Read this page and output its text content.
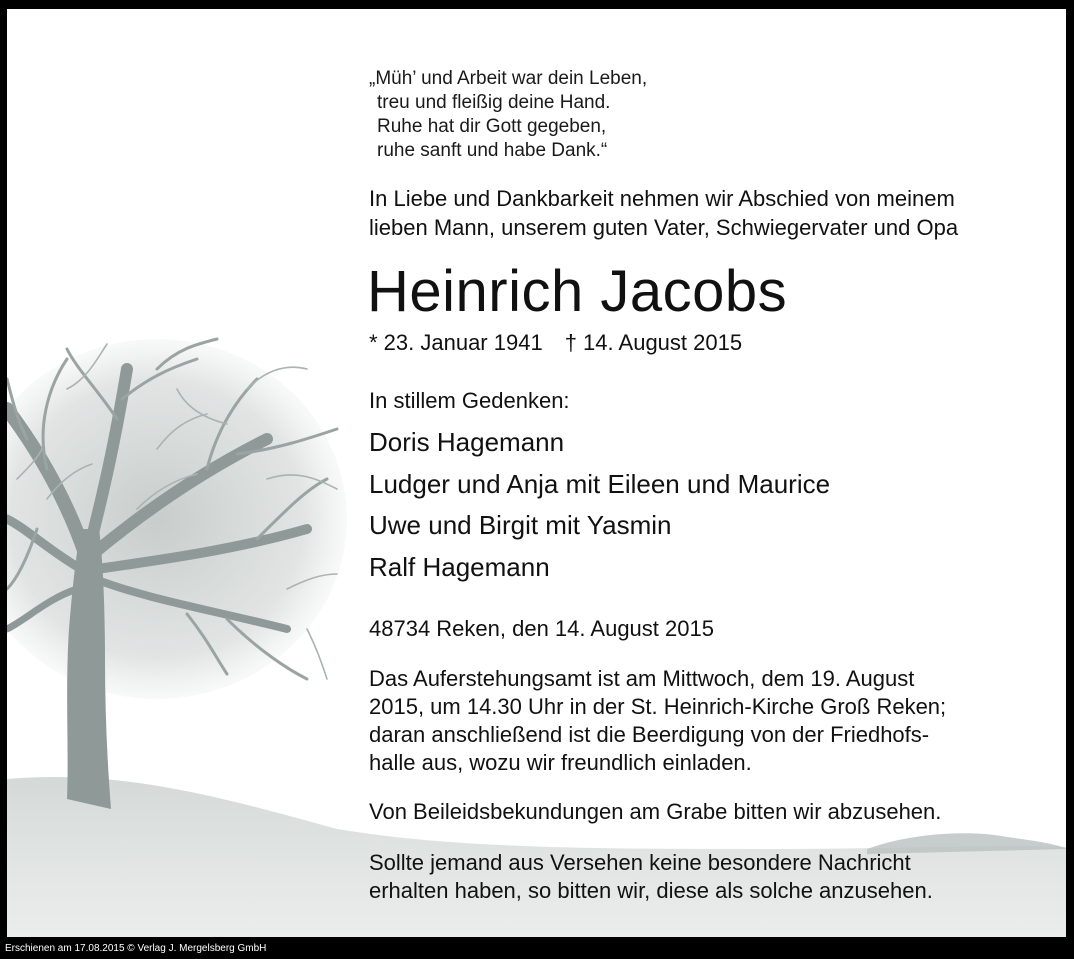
„Müh’ und Arbeit war dein Leben,
treu und fleißig deine Hand.
Ruhe hat dir Gott gegeben,
ruhe sanft und habe Dank.“
In Liebe und Dankbarkeit nehmen wir Abschied von meinem
lieben Mann, unserem guten Vater, Schwiegervater und Opa
Heinrich Jacobs
* 23. Januar 1941 † 14. August 2015
In stillem Gedenken:
Doris Hagemann
Ludger und Anja mit Eileen und Maurice
Uwe und Birgit mit Yasmin
Ralf Hagemann
48734 Reken, den 14. August 2015
Das Auferstehungsamt ist am Mittwoch, dem 19. August
2015, um 14.30 Uhr in der St. Heinrich-Kirche Groß Reken;
daran anschließend ist die Beerdigung von der Friedhofs-
halle aus, wozu wir freundlich einladen.
Von Beileidsbekundungen am Grabe bitten wir abzusehen.
Sollte jemand aus Versehen keine besondere Nachricht
erhalten haben, so bitten wir, diese als solche anzusehen.
Erschienen am 17.08.2015 © Verlag J. Mergelsberg GmbH
